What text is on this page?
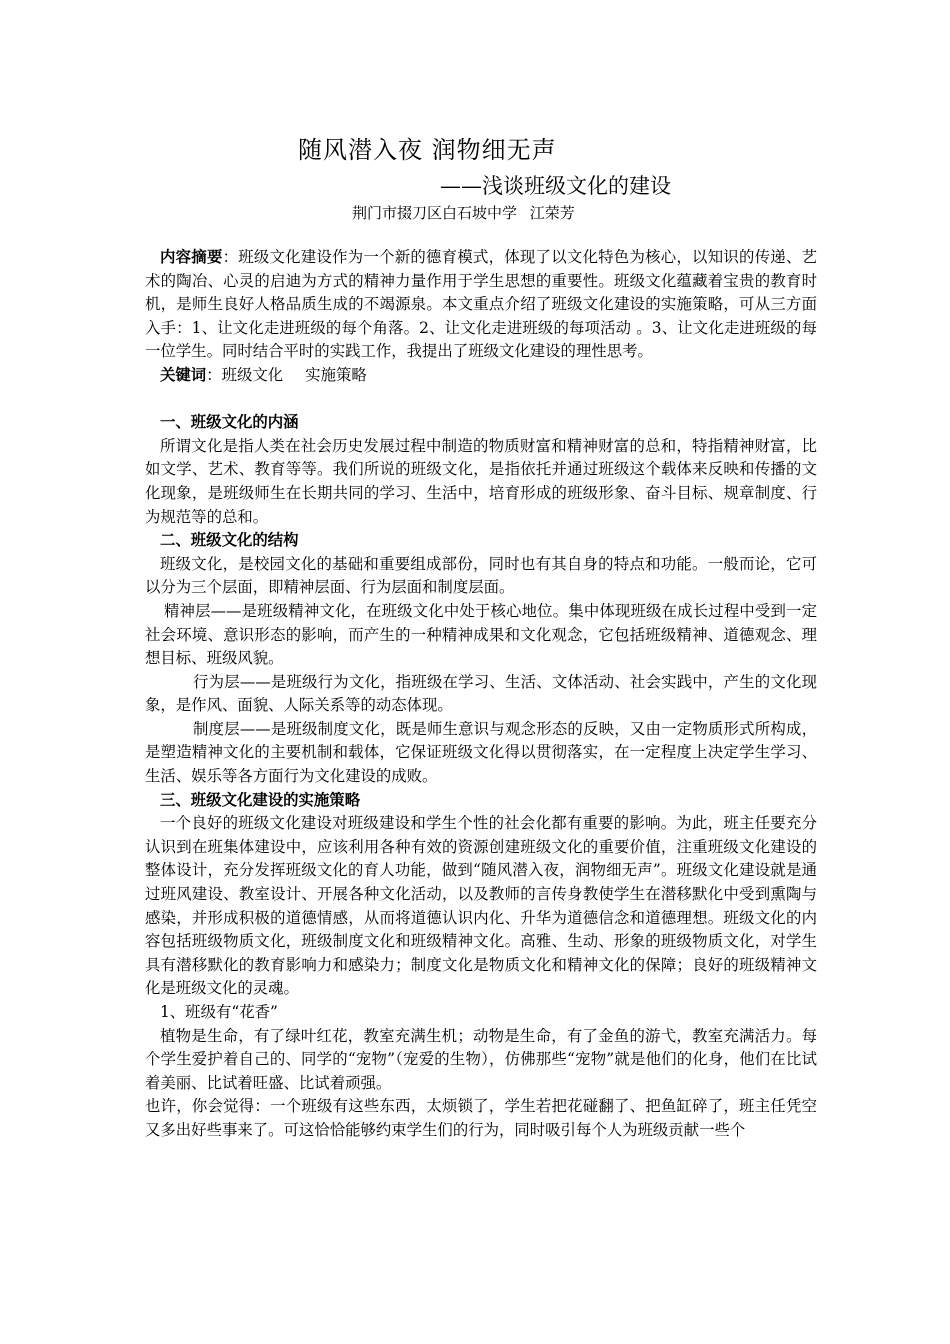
随风潜入夜 润物细无声
——浅谈班级文化的建设
荆门市掇刀区白石坡中学 江荣芳

内容摘要：班级文化建设作为一个新的德育模式，体现了以文化特色为核心，以知识的传递、艺术的陶冶、心灵的启迪为方式的精神力量作用于学生思想的重要性。班级文化蕴藏着宝贵的教育时机，是师生良好人格品质生成的不竭源泉。本文重点介绍了班级文化建设的实施策略，可从三方面入手：1、让文化走进班级的每个角落。2、让文化走进班级的每项活动 。3、让文化走进班级的每一位学生。同时结合平时的实践工作，我提出了班级文化建设的理性思考。

关键词：班级文化 实施策略

一、班级文化的内涵

所谓文化是指人类在社会历史发展过程中制造的物质财富和精神财富的总和，特指精神财富，比如文学、艺术、教育等等。我们所说的班级文化，是指依托并通过班级这个载体来反映和传播的文化现象，是班级师生在长期共同的学习、生活中，培育形成的班级形象、奋斗目标、规章制度、行为规范等的总和。

二、班级文化的结构

班级文化，是校园文化的基础和重要组成部份，同时也有其自身的特点和功能。一般而论，它可以分为三个层面，即精神层面、行为层面和制度层面。

精神层——是班级精神文化，在班级文化中处于核心地位。集中体现班级在成长过程中受到一定社会环境、意识形态的影响，而产生的一种精神成果和文化观念，它包括班级精神、道德观念、理想目标、班级风貌。

行为层——是班级行为文化，指班级在学习、生活、文体活动、社会实践中，产生的文化现象，是作风、面貌、人际关系等的动态体现。

制度层——是班级制度文化，既是师生意识与观念形态的反映，又由一定物质形式所构成，是塑造精神文化的主要机制和载体，它保证班级文化得以贯彻落实，在一定程度上决定学生学习、生活、娱乐等各方面行为文化建设的成败。

三、班级文化建设的实施策略

一个良好的班级文化建设对班级建设和学生个性的社会化都有重要的影响。为此，班主任要充分认识到在班集体建设中，应该利用各种有效的资源创建班级文化的重要价值，注重班级文化建设的整体设计，充分发挥班级文化的育人功能，做到“随风潜入夜，润物细无声”。班级文化建设就是通过班风建设、教室设计、开展各种文化活动，以及教师的言传身教使学生在潜移默化中受到熏陶与感染，并形成积极的道德情感，从而将道德认识内化、升华为道德信念和道德理想。班级文化的内容包括班级物质文化，班级制度文化和班级精神文化。高雅、生动、形象的班级物质文化，对学生具有潜移默化的教育影响力和感染力；制度文化是物质文化和精神文化的保障；良好的班级精神文化是班级文化的灵魂。

1、班级有“花香”

植物是生命，有了绿叶红花，教室充满生机；动物是生命，有了金鱼的游弋，教室充满活力。每个学生爱护着自己的、同学的“宠物”（宠爱的生物），仿佛那些“宠物”就是他们的化身，他们在比试着美丽、比试着旺盛、比试着顽强。

也许，你会觉得：一个班级有这些东西，太烦锁了，学生若把花碰翻了、把鱼缸碎了，班主任凭空又多出好些事来了。可这恰恰能够约束学生们的行为，同时吸引每个人为班级贡献一些个
